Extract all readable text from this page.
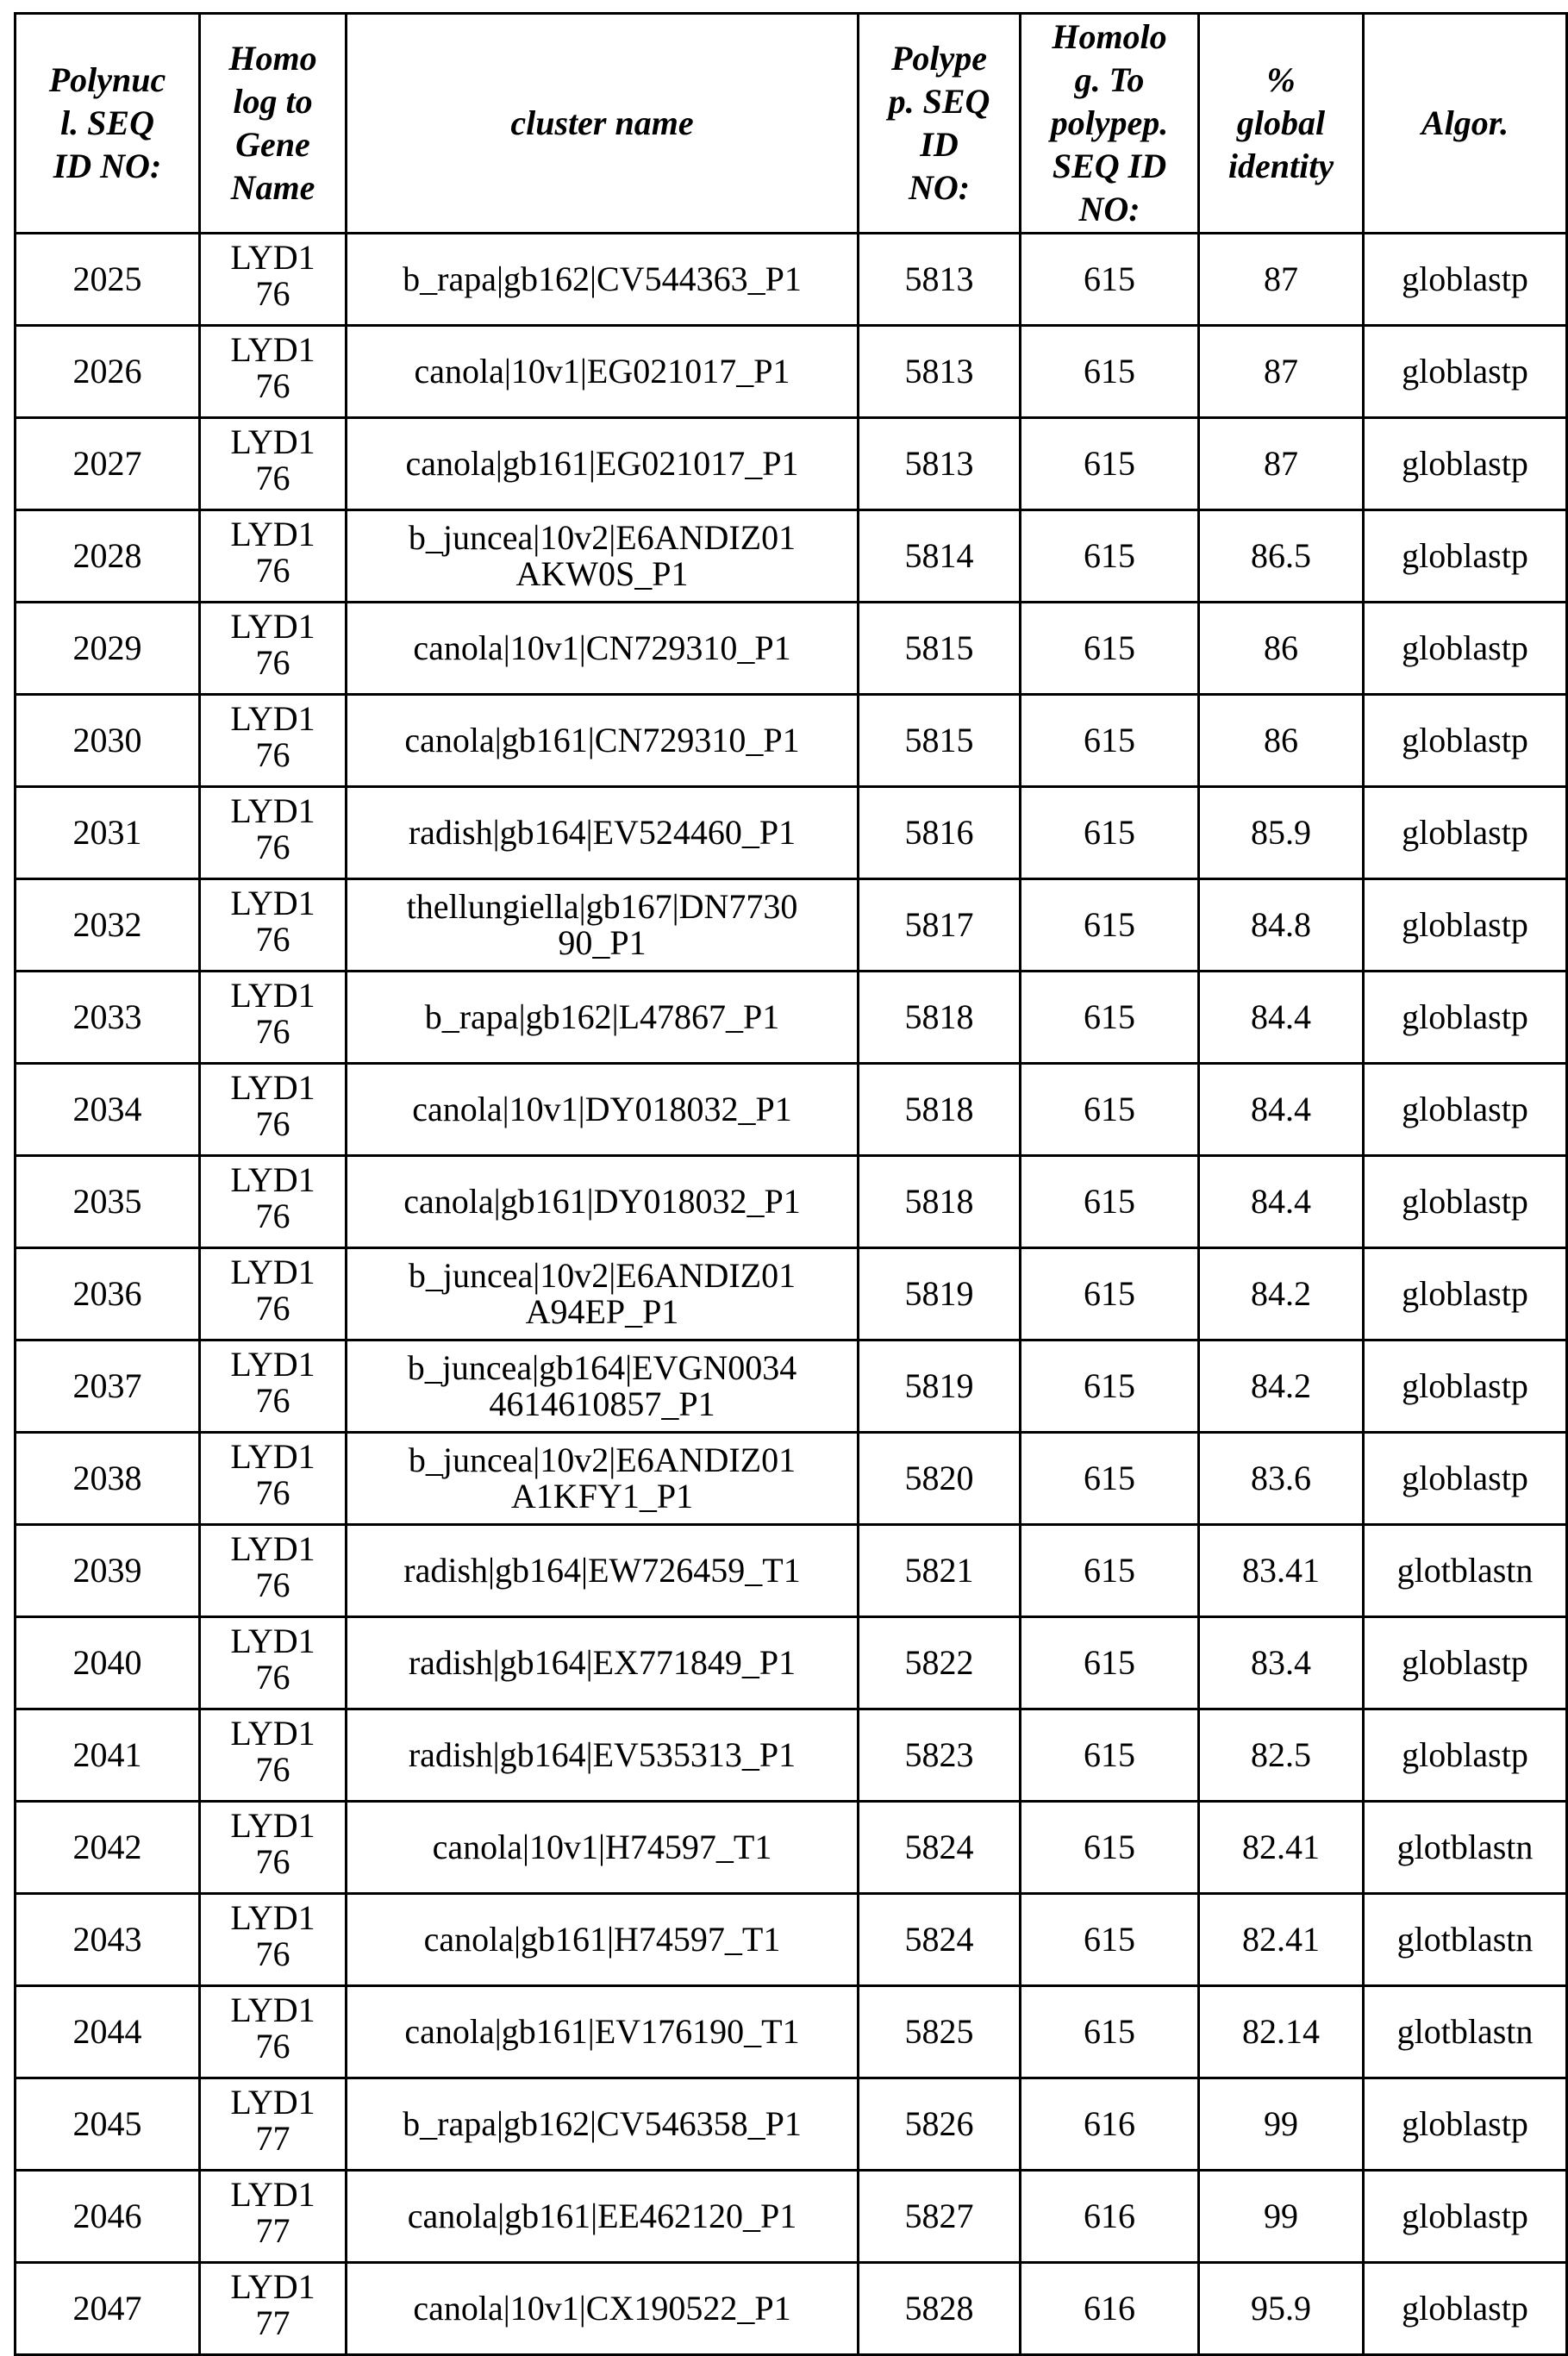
Polynuc
l. SEQ
ID NO:	Homo
log to
Gene
Name	cluster name	Polype
p. SEQ
ID
NO:	Homolo
g. To
polypep.
SEQ ID
NO:	%
global
identity	Algor.
2025	LYD1
76	b_rapa|gb162|CV544363_P1	5813	615	87	globlastp
2026	LYD1
76	canola|10v1|EG021017_P1	5813	615	87	globlastp
2027	LYD1
76	canola|gb161|EG021017_P1	5813	615	87	globlastp
2028	LYD1
76	b_juncea|10v2|E6ANDIZ01
AKW0S_P1	5814	615	86.5	globlastp
2029	LYD1
76	canola|10v1|CN729310_P1	5815	615	86	globlastp
2030	LYD1
76	canola|gb161|CN729310_P1	5815	615	86	globlastp
2031	LYD1
76	radish|gb164|EV524460_P1	5816	615	85.9	globlastp
2032	LYD1
76	thellungiella|gb167|DN7730
90_P1	5817	615	84.8	globlastp
2033	LYD1
76	b_rapa|gb162|L47867_P1	5818	615	84.4	globlastp
2034	LYD1
76	canola|10v1|DY018032_P1	5818	615	84.4	globlastp
2035	LYD1
76	canola|gb161|DY018032_P1	5818	615	84.4	globlastp
2036	LYD1
76	b_juncea|10v2|E6ANDIZ01
A94EP_P1	5819	615	84.2	globlastp
2037	LYD1
76	b_juncea|gb164|EVGN0034
4614610857_P1	5819	615	84.2	globlastp
2038	LYD1
76	b_juncea|10v2|E6ANDIZ01
A1KFY1_P1	5820	615	83.6	globlastp
2039	LYD1
76	radish|gb164|EW726459_T1	5821	615	83.41	glotblastn
2040	LYD1
76	radish|gb164|EX771849_P1	5822	615	83.4	globlastp
2041	LYD1
76	radish|gb164|EV535313_P1	5823	615	82.5	globlastp
2042	LYD1
76	canola|10v1|H74597_T1	5824	615	82.41	glotblastn
2043	LYD1
76	canola|gb161|H74597_T1	5824	615	82.41	glotblastn
2044	LYD1
76	canola|gb161|EV176190_T1	5825	615	82.14	glotblastn
2045	LYD1
77	b_rapa|gb162|CV546358_P1	5826	616	99	globlastp
2046	LYD1
77	canola|gb161|EE462120_P1	5827	616	99	globlastp
2047	LYD1
77	canola|10v1|CX190522_P1	5828	616	95.9	globlastp
